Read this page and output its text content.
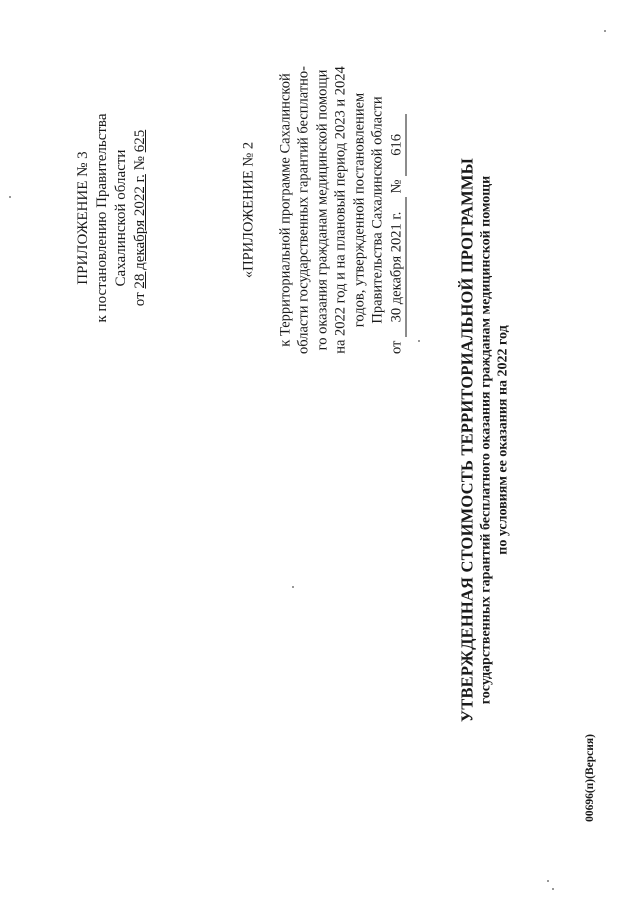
ПРИЛОЖЕНИЕ № 3 к постановлению Правительства Сахалинской области
от 28 декабря 2022 г. № 625
«ПРИЛОЖЕНИЕ № 2 к Территориальной программе Сахалинской области государственных гарантий бесплатно- го оказания гражданам медицинской помощи на 2022 год и на плановый период 2023 и 2024 годов, утвержденной постановлением Правительства Сахалинской области
от 30 декабря 2021 г. № 616
УТВЕРЖДЕННАЯ СТОИМОСТЬ ТЕРРИТОРИАЛЬНОЙ ПРОГРАММЫ государственных гарантий бесплатного оказания гражданам медицинской помощи по условиям ее оказания на 2022 год
00696(п)(Версия)
